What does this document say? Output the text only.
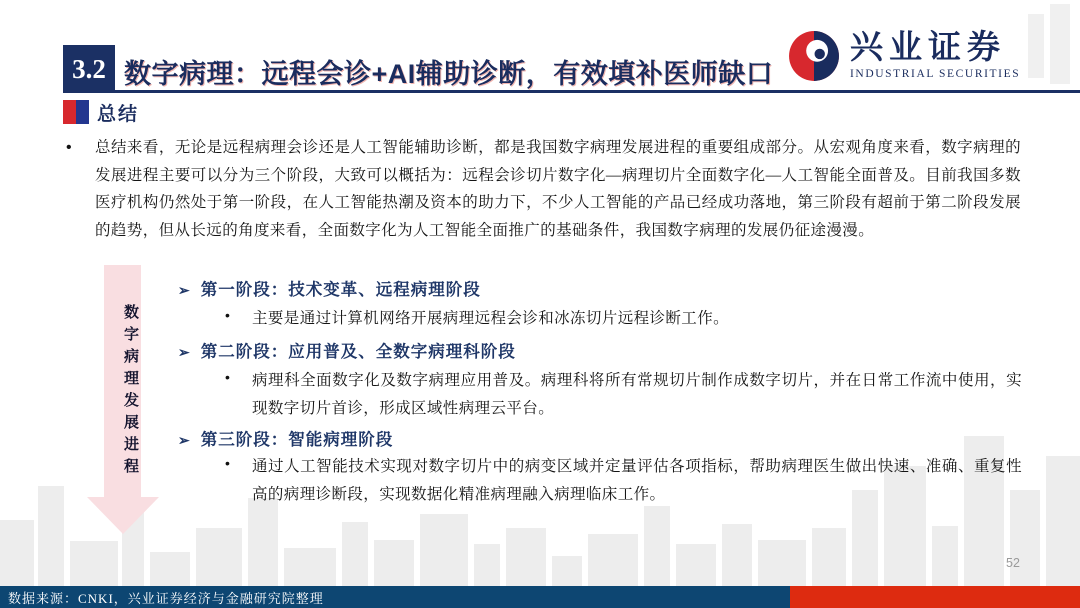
3.2 数字病理：远程会诊+AI辅助诊断，有效填补医师缺口
兴业证券
INDUSTRIAL SECURITIES
总结
• 总结来看，无论是远程病理会诊还是人工智能辅助诊断，都是我国数字病理发展进程的重要组成部分。从宏观角度来看，数字病理的发展进程主要可以分为三个阶段，大致可以概括为：远程会诊切片数字化—病理切片全面数字化—人工智能全面普及。目前我国多数医疗机构仍然处于第一阶段，在人工智能热潮及资本的助力下，不少人工智能的产品已经成功落地，第三阶段有超前于第二阶段发展的趋势，但从长远的角度来看，全面数字化为人工智能全面推广的基础条件，我国数字病理的发展仍征途漫漫。
数字病理发展进程
➢ 第一阶段：技术变革、远程病理阶段
• 主要是通过计算机网络开展病理远程会诊和冰冻切片远程诊断工作。
➢ 第二阶段：应用普及、全数字病理科阶段
• 病理科全面数字化及数字病理应用普及。病理科将所有常规切片制作成数字切片，并在日常工作流中使用，实现数字切片首诊，形成区域性病理云平台。
➢ 第三阶段：智能病理阶段
• 通过人工智能技术实现对数字切片中的病变区域并定量评估各项指标，帮助病理医生做出快速、准确、重复性高的病理诊断段，实现数据化精准病理融入病理临床工作。
52
数据来源：CNKI，兴业证券经济与金融研究院整理
